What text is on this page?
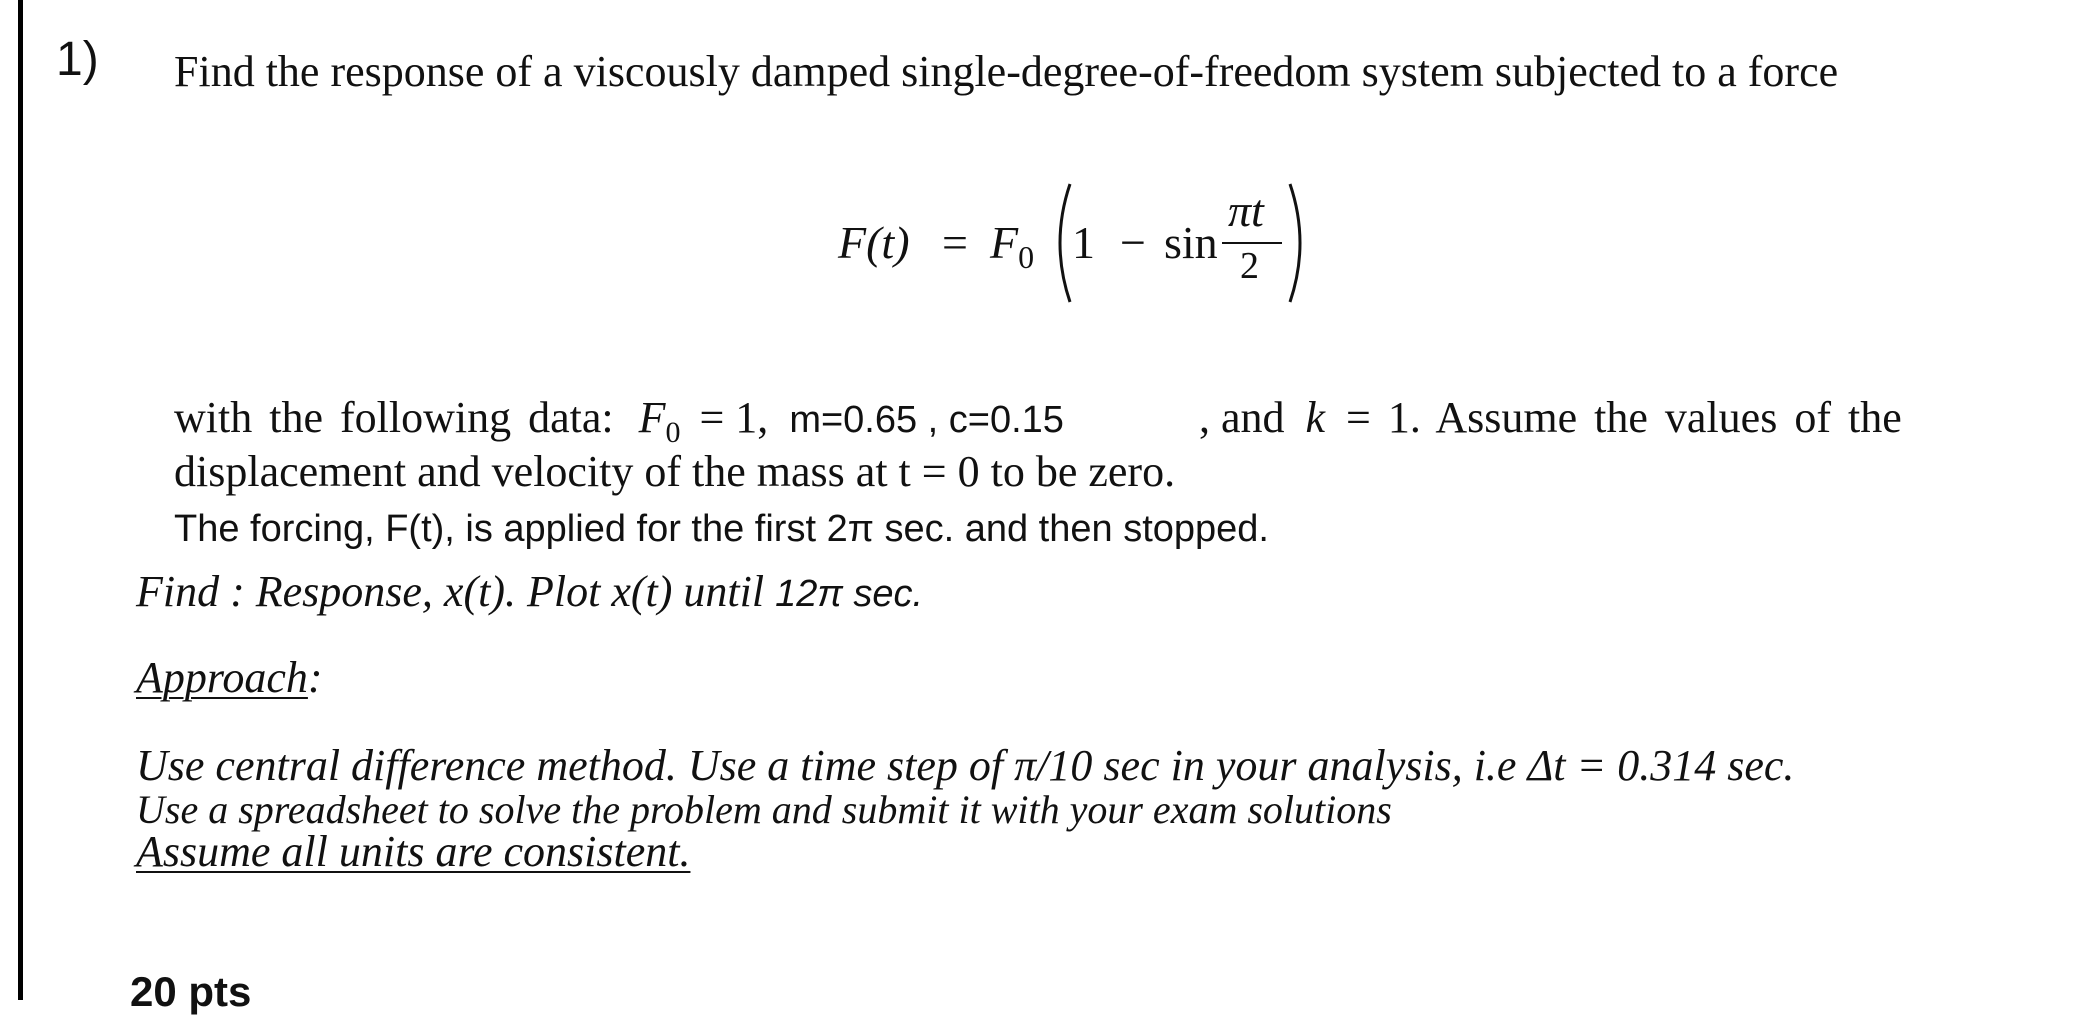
1) Find the response of a viscously damped single-degree-of-freedom system subjected to a force
$F(t) = F_0$ 1 − sin
πt
2
with the following data: $F_0 = 1$, m=0.65 , c=0.15	, and k = 1. Assume the values of the
displacement and velocity of the mass at t = 0 to be zero.
The forcing, F(t), is applied for the first 2π sec. and then stopped.
Find : Response, x(t). Plot x(t) until 12π sec.
Approach:
Use central difference method. Use a time step of π/10 sec in your analysis, i.e Δt = 0.314 sec.
Use a spreadsheet to solve the problem and submit it with your exam solutions
Assume all units are consistent.
20 pts
